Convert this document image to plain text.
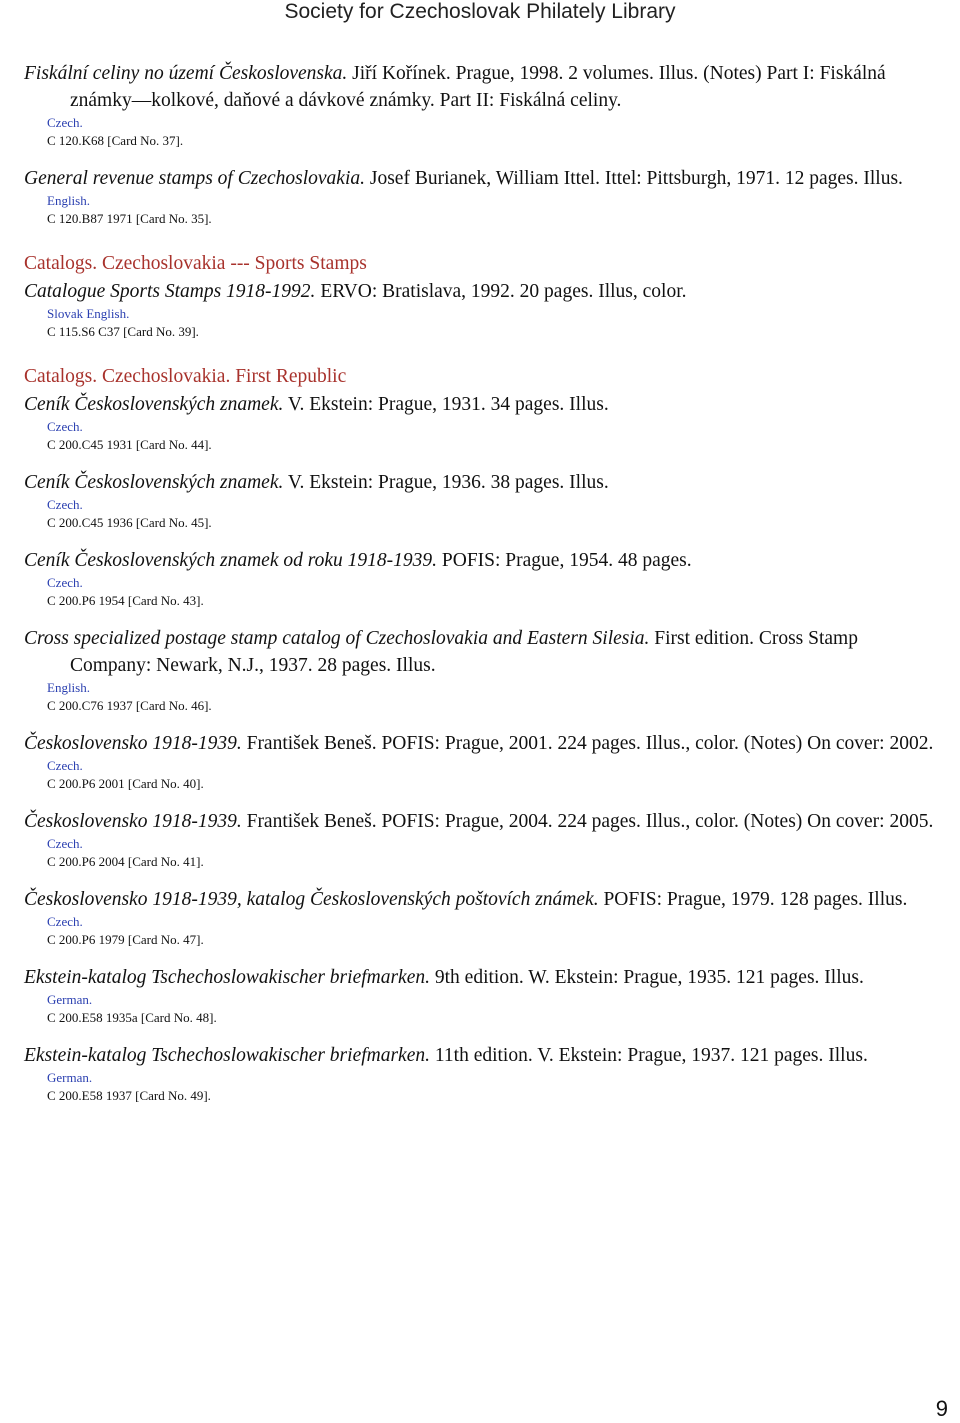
Society for Czechoslovak Philately Library
Fiskální celiny no území Československa. Jiří Kořínek. Prague, 1998. 2 volumes. Illus. (Notes) Part I: Fiskálná známky—kolkové, daňové a dávkové známky. Part II: Fiskálná celiny.
Czech.
C 120.K68 [Card No. 37].
General revenue stamps of Czechoslovakia. Josef Burianek, William Ittel. Ittel: Pittsburgh, 1971. 12 pages. Illus.
English.
C 120.B87 1971 [Card No. 35].
Catalogs. Czechoslovakia --- Sports Stamps
Catalogue Sports Stamps 1918-1992. ERVO: Bratislava, 1992. 20 pages. Illus, color.
Slovak English.
C 115.S6 C37 [Card No. 39].
Catalogs. Czechoslovakia. First Republic
Ceník Československých znamek. V. Ekstein: Prague, 1931. 34 pages. Illus.
Czech.
C 200.C45 1931 [Card No. 44].
Ceník Československých znamek. V. Ekstein: Prague, 1936. 38 pages. Illus.
Czech.
C 200.C45 1936 [Card No. 45].
Ceník Československých znamek od roku 1918-1939. POFIS: Prague, 1954. 48 pages.
Czech.
C 200.P6 1954 [Card No. 43].
Cross specialized postage stamp catalog of Czechoslovakia and Eastern Silesia. First edition. Cross Stamp Company: Newark, N.J., 1937. 28 pages. Illus.
English.
C 200.C76 1937 [Card No. 46].
Československo 1918-1939. František Beneš. POFIS: Prague, 2001. 224 pages. Illus., color. (Notes) On cover: 2002.
Czech.
C 200.P6 2001 [Card No. 40].
Československo 1918-1939. František Beneš. POFIS: Prague, 2004. 224 pages. Illus., color. (Notes) On cover: 2005.
Czech.
C 200.P6 2004 [Card No. 41].
Československo 1918-1939, katalog Československých poštovích známek. POFIS: Prague, 1979. 128 pages. Illus.
Czech.
C 200.P6 1979 [Card No. 47].
Ekstein-katalog Tschechoslowakischer briefmarken. 9th edition. W. Ekstein: Prague, 1935. 121 pages. Illus.
German.
C 200.E58 1935a [Card No. 48].
Ekstein-katalog Tschechoslowakischer briefmarken. 11th edition. V. Ekstein: Prague, 1937. 121 pages. Illus.
German.
C 200.E58 1937 [Card No. 49].
9
